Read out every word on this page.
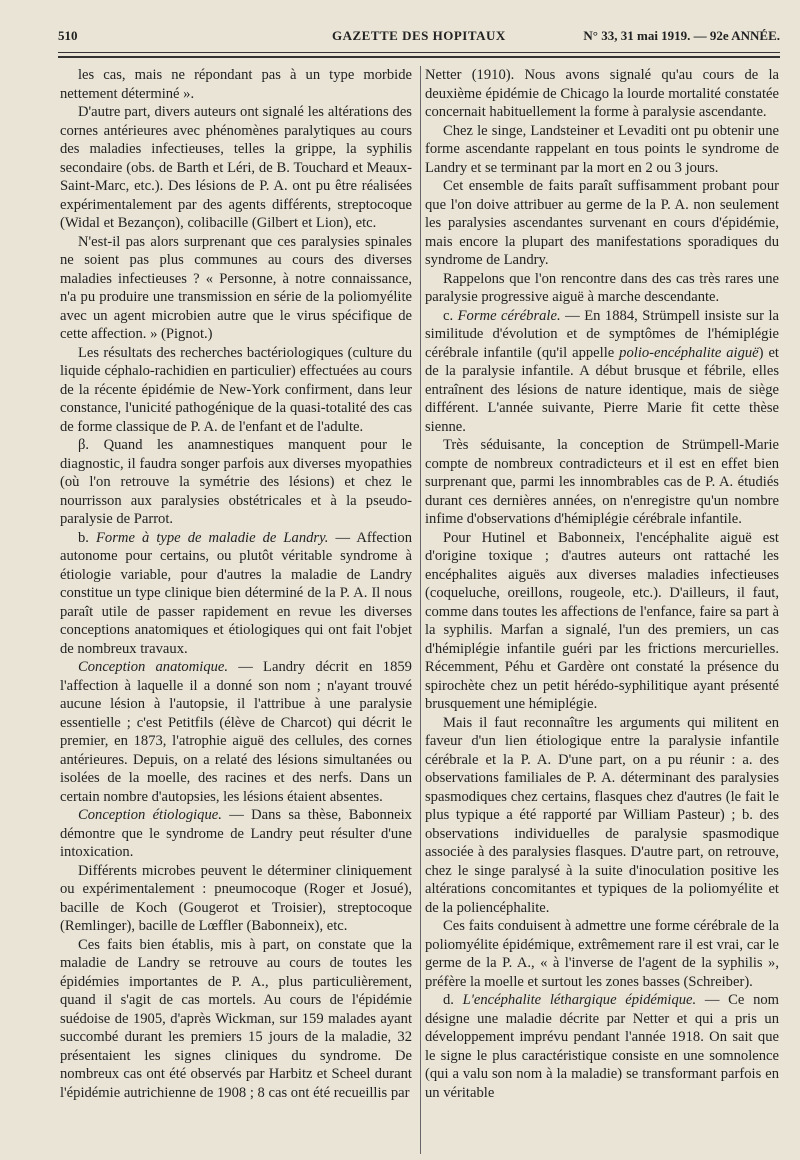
510	GAZETTE DES HOPITAUX	N° 33, 31 mai 1919. — 92e ANNÉE.

les cas, mais ne répondant pas à un type morbide nettement déterminé ».

D'autre part, divers auteurs ont signalé les altérations des cornes antérieures avec phénomènes paralytiques au cours des maladies infectieuses, telles la grippe, la syphilis secondaire (obs. de Barth et Léri, de B. Touchard et Meaux-Saint-Marc, etc.). Des lésions de P. A. ont pu être réalisées expérimentalement par des agents différents, streptocoque (Widal et Bezançon), colibacille (Gilbert et Lion), etc.

N'est-il pas alors surprenant que ces paralysies spinales ne soient pas plus communes au cours des diverses maladies infectieuses ? « Personne, à notre connaissance, n'a pu produire une transmission en série de la poliomyélite avec un agent microbien autre que le virus spécifique de cette affection. » (Pignot.)

Les résultats des recherches bactériologiques (culture du liquide céphalo-rachidien en particulier) effectuées au cours de la récente épidémie de New-York confirment, dans leur constance, l'unicité pathogénique de la quasi-totalité des cas de forme classique de P. A. de l'enfant et de l'adulte.

β. Quand les anamnestiques manquent pour le diagnostic, il faudra songer parfois aux diverses myopathies (où l'on retrouve la symétrie des lésions) et chez le nourrisson aux paralysies obstétricales et à la pseudo-paralysie de Parrot.

b. Forme à type de maladie de Landry. — Affection autonome pour certains, ou plutôt véritable syndrome à étiologie variable, pour d'autres la maladie de Landry constitue un type clinique bien déterminé de la P. A. Il nous paraît utile de passer rapidement en revue les diverses conceptions anatomiques et étiologiques qui ont fait l'objet de nombreux travaux.

Conception anatomique. — Landry décrit en 1859 l'affection à laquelle il a donné son nom ; n'ayant trouvé aucune lésion à l'autopsie, il l'attribue à une paralysie essentielle ; c'est Petitfils (élève de Charcot) qui décrit le premier, en 1873, l'atrophie aiguë des cellules, des cornes antérieures. Depuis, on a relaté des lésions simultanées ou isolées de la moelle, des racines et des nerfs. Dans un certain nombre d'autopsies, les lésions étaient absentes.

Conception étiologique. — Dans sa thèse, Babonneix démontre que le syndrome de Landry peut résulter d'une intoxication.

Différents microbes peuvent le déterminer cliniquement ou expérimentalement : pneumocoque (Roger et Josué), bacille de Koch (Gougerot et Troisier), streptocoque (Remlinger), bacille de Lœffler (Babonneix), etc.

Ces faits bien établis, mis à part, on constate que la maladie de Landry se retrouve au cours de toutes les épidémies importantes de P. A., plus particulièrement, quand il s'agit de cas mortels. Au cours de l'épidémie suédoise de 1905, d'après Wickman, sur 159 malades ayant succombé durant les premiers 15 jours de la maladie, 32 présentaient les signes cliniques du syndrome. De nombreux cas ont été observés par Harbitz et Scheel durant l'épidémie autrichienne de 1908 ; 8 cas ont été recueillis par

Netter (1910). Nous avons signalé qu'au cours de la deuxième épidémie de Chicago la lourde mortalité constatée concernait habituellement la forme à paralysie ascendante.

Chez le singe, Landsteiner et Levaditi ont pu obtenir une forme ascendante rappelant en tous points le syndrome de Landry et se terminant par la mort en 2 ou 3 jours.

Cet ensemble de faits paraît suffisamment probant pour que l'on doive attribuer au germe de la P. A. non seulement les paralysies ascendantes survenant en cours d'épidémie, mais encore la plupart des manifestations sporadiques du syndrome de Landry.

Rappelons que l'on rencontre dans des cas très rares une paralysie progressive aiguë à marche descendante.

c. Forme cérébrale. — En 1884, Strümpell insiste sur la similitude d'évolution et de symptômes de l'hémiplégie cérébrale infantile (qu'il appelle polio-encéphalite aiguë) et de la paralysie infantile. A début brusque et fébrile, elles entraînent des lésions de nature identique, mais de siège différent. L'année suivante, Pierre Marie fit cette thèse sienne.

Très séduisante, la conception de Strümpell-Marie compte de nombreux contradicteurs et il est en effet bien surprenant que, parmi les innombrables cas de P. A. étudiés durant ces dernières années, on n'enregistre qu'un nombre infime d'observations d'hémiplégie cérébrale infantile.

Pour Hutinel et Babonneix, l'encéphalite aiguë est d'origine toxique ; d'autres auteurs ont rattaché les encéphalites aiguës aux diverses maladies infectieuses (coqueluche, oreillons, rougeole, etc.). D'ailleurs, il faut, comme dans toutes les affections de l'enfance, faire sa part à la syphilis. Marfan a signalé, l'un des premiers, un cas d'hémiplégie infantile guéri par les frictions mercurielles. Récemment, Péhu et Gardère ont constaté la présence du spirochète chez un petit hérédo-syphilitique ayant présenté brusquement une hémiplégie.

Mais il faut reconnaître les arguments qui militent en faveur d'un lien étiologique entre la paralysie infantile cérébrale et la P. A. D'une part, on a pu réunir : a. des observations familiales de P. A. déterminant des paralysies spasmodiques chez certains, flasques chez d'autres (le fait le plus typique a été rapporté par William Pasteur) ; b. des observations individuelles de paralysie spasmodique associée à des paralysies flasques. D'autre part, on retrouve, chez le singe paralysé à la suite d'inoculation positive les altérations concomitantes et typiques de la poliomyélite et de la poliencéphalite.

Ces faits conduisent à admettre une forme cérébrale de la poliomyélite épidémique, extrêmement rare il est vrai, car le germe de la P. A., « à l'inverse de l'agent de la syphilis », préfère la moelle et surtout les zones basses (Schreiber).

d. L'encéphalite léthargique épidémique. — Ce nom désigne une maladie décrite par Netter et qui a pris un développement imprévu pendant l'année 1918. On sait que le signe le plus caractéristique consiste en une somnolence (qui a valu son nom à la maladie) se transformant parfois en un véritable
